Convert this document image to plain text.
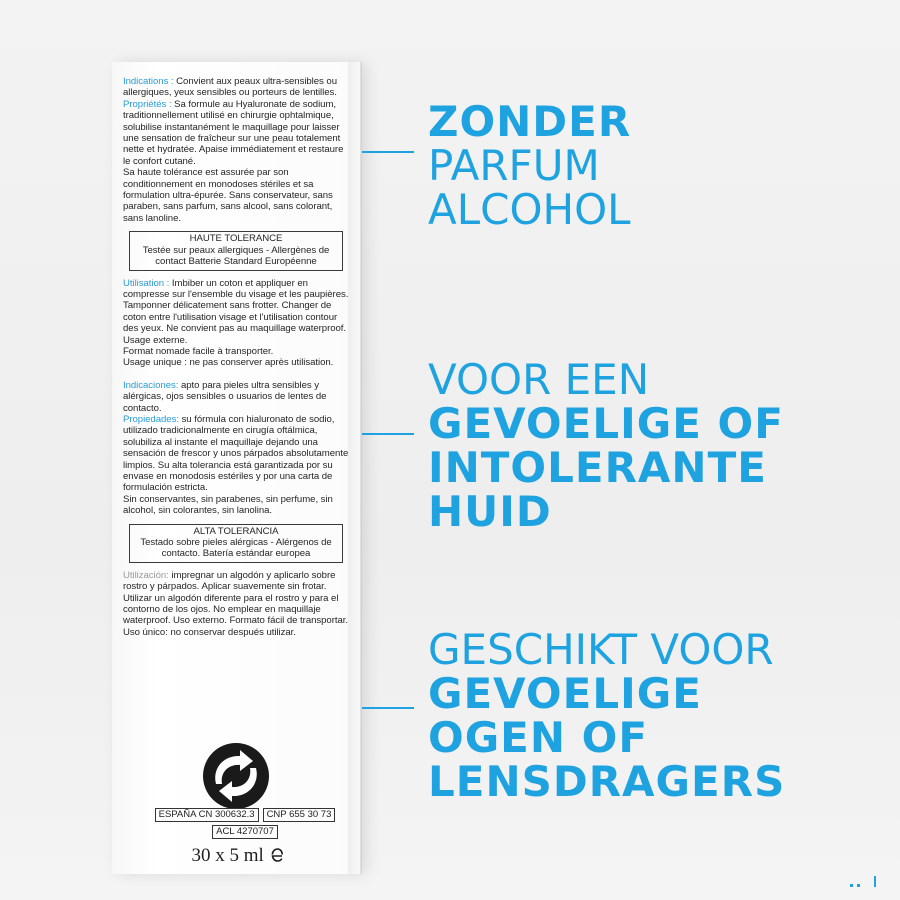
Indications : Convient aux peaux ultra-sensibles ou allergiques, yeux sensibles ou porteurs de lentilles.

Propriétés : Sa formule au Hyaluronate de sodium, traditionnellement utilisé en chirurgie ophtalmique, solubilise instantanément le maquillage pour laisser une sensation de fraîcheur sur une peau totalement nette et hydratée. Apaise immédiatement et restaure le confort cutané.

Sa haute tolérance est assurée par son conditionnement en monodoses stériles et sa formulation ultra-épurée. Sans conservateur, sans paraben, sans parfum, sans alcool, sans colorant, sans lanoline.

HAUTE TOLERANCE
Testée sur peaux allergiques - Allergènes de contact Batterie Standard Européenne

Utilisation : Imbiber un coton et appliquer en compresse sur l'ensemble du visage et les paupières. Tamponner délicatement sans frotter. Changer de coton entre l'utilisation visage et l'utilisation contour des yeux. Ne convient pas au maquillage waterproof. Usage externe.

Format nomade facile à transporter.

Usage unique : ne pas conserver après utilisation.

Indicaciones: apto para pieles ultra sensibles y alérgicas, ojos sensibles o usuarios de lentes de contacto.

Propiedades: su fórmula con hialuronato de sodio, utilizado tradicionalmente en cirugía oftálmica, solubiliza al instante el maquillaje dejando una sensación de frescor y unos párpados absolutamente limpios. Su alta tolerancia está garantizada por su envase en monodosis estériles y por una carta de formulación estricta.

Sin conservantes, sin parabenes, sin perfume, sin alcohol, sin colorantes, sin lanolina.

ALTA TOLERANCIA
Testado sobre pieles alérgicas - Alérgenos de contacto. Batería estándar europea

Utilización: impregnar un algodón y aplicarlo sobre rostro y párpados. Aplicar suavemente sin frotar. Utilizar un algodón diferente para el rostro y para el contorno de los ojos. No emplear en maquillaje waterproof. Uso externo. Formato fácil de transportar. Uso único: no conservar después utilizar.

ESPAÑA CN 300632.3	CNP 655 30 73
ACL 4270707
30 x 5 ml
ZONDER
PARFUM
ALCOHOL
VOOR EEN
GEVOELIGE OF
INTOLERANTE
HUID
GESCHIKT VOOR
GEVOELIGE
OGEN OF
LENSDRAGERS
